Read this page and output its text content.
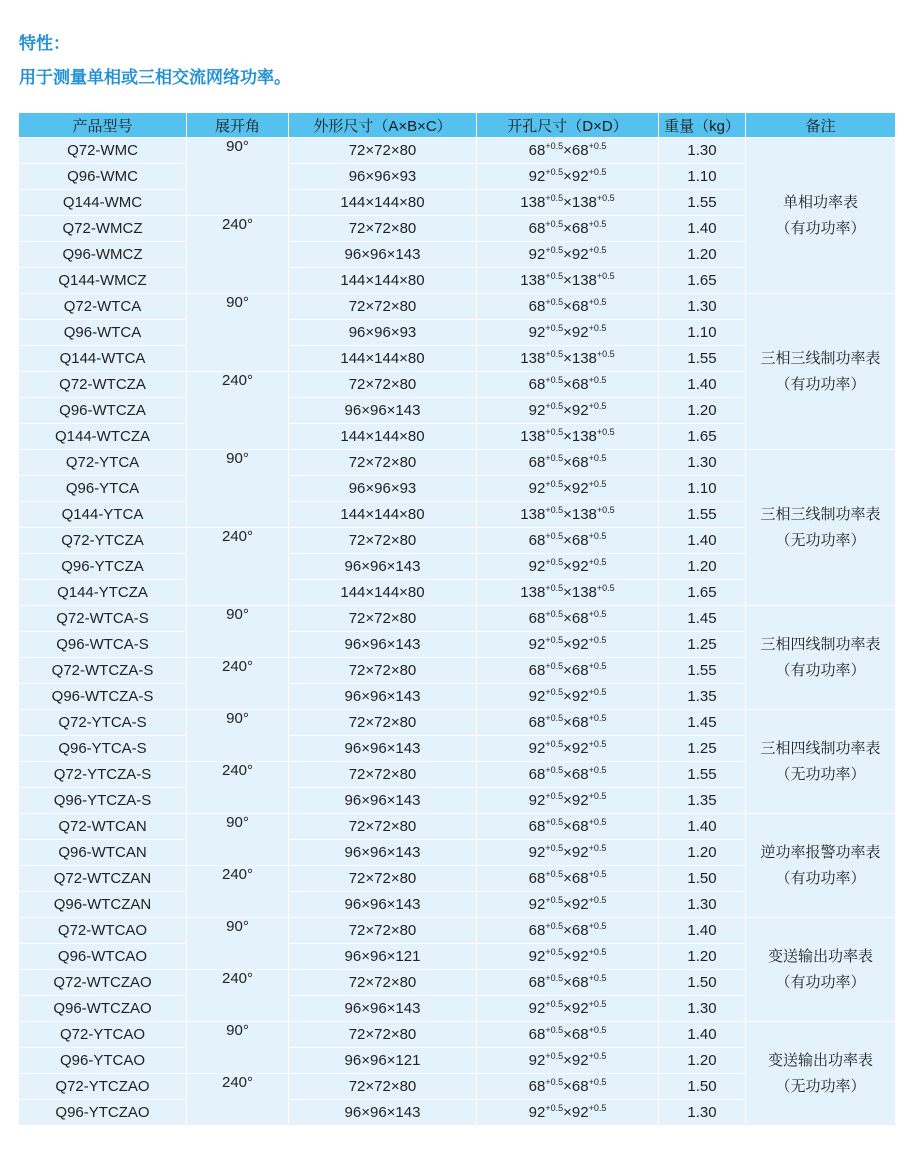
特性：
用于测量单相或三相交流网络功率。
产品型号	展开角	外形尺寸（A×B×C）	开孔尺寸（D×D）	重量（kg）	备注
Q72-WMC	90°	72×72×80	$68^{+0.5}\times 68^{+0.5}$	1.30	单相功率表
（有功功率）

Q96-WMC		96×96×93	$92^{+0.5}\times 92^{+0.5}$	1.10	
Q144-WMC		144×144×80	$138^{+0.5}\times 138^{+0.5}$	1.55	
Q72-WMCZ	240°	72×72×80	$68^{+0.5}\times 68^{+0.5}$	1.40	
Q96-WMCZ		96×96×143	$92^{+0.5}\times 92^{+0.5}$	1.20	
Q144-WMCZ		144×144×80	$138^{+0.5}\times 138^{+0.5}$	1.65	
Q72-WTCA	90°	72×72×80	$68^{+0.5}\times 68^{+0.5}$	1.30	三相三线制功率表
（有功功率）

Q96-WTCA		96×96×93	$92^{+0.5}\times 92^{+0.5}$	1.10	
Q144-WTCA		144×144×80	$138^{+0.5}\times 138^{+0.5}$	1.55	
Q72-WTCZA	240°	72×72×80	$68^{+0.5}\times 68^{+0.5}$	1.40	
Q96-WTCZA		96×96×143	$92^{+0.5}\times 92^{+0.5}$	1.20	
Q144-WTCZA		144×144×80	$138^{+0.5}\times 138^{+0.5}$	1.65	
Q72-YTCA	90°	72×72×80	$68^{+0.5}\times 68^{+0.5}$	1.30	三相三线制功率表
（无功功率）

Q96-YTCA		96×96×93	$92^{+0.5}\times 92^{+0.5}$	1.10	
Q144-YTCA		144×144×80	$138^{+0.5}\times 138^{+0.5}$	1.55	
Q72-YTCZA	240°	72×72×80	$68^{+0.5}\times 68^{+0.5}$	1.40	
Q96-YTCZA		96×96×143	$92^{+0.5}\times 92^{+0.5}$	1.20	
Q144-YTCZA		144×144×80	$138^{+0.5}\times 138^{+0.5}$	1.65	
Q72-WTCA-S	90°	72×72×80	$68^{+0.5}\times 68^{+0.5}$	1.45	三相四线制功率表
（有功功率）

Q96-WTCA-S		96×96×143	$92^{+0.5}\times 92^{+0.5}$	1.25	
Q72-WTCZA-S	240°	72×72×80	$68^{+0.5}\times 68^{+0.5}$	1.55	
Q96-WTCZA-S		96×96×143	$92^{+0.5}\times 92^{+0.5}$	1.35	
Q72-YTCA-S	90°	72×72×80	$68^{+0.5}\times 68^{+0.5}$	1.45	三相四线制功率表
（无功功率）

Q96-YTCA-S		96×96×143	$92^{+0.5}\times 92^{+0.5}$	1.25	
Q72-YTCZA-S	240°	72×72×80	$68^{+0.5}\times 68^{+0.5}$	1.55	
Q96-YTCZA-S		96×96×143	$92^{+0.5}\times 92^{+0.5}$	1.35	
Q72-WTCAN	90°	72×72×80	$68^{+0.5}\times 68^{+0.5}$	1.40	逆功率报警功率表
（有功功率）

Q96-WTCAN		96×96×143	$92^{+0.5}\times 92^{+0.5}$	1.20	
Q72-WTCZAN	240°	72×72×80	$68^{+0.5}\times 68^{+0.5}$	1.50	
Q96-WTCZAN		96×96×143	$92^{+0.5}\times 92^{+0.5}$	1.30	
Q72-WTCAO	90°	72×72×80	$68^{+0.5}\times 68^{+0.5}$	1.40	变送输出功率表
（有功功率）

Q96-WTCAO		96×96×121	$92^{+0.5}\times 92^{+0.5}$	1.20	
Q72-WTCZAO	240°	72×72×80	$68^{+0.5}\times 68^{+0.5}$	1.50	
Q96-WTCZAO		96×96×143	$92^{+0.5}\times 92^{+0.5}$	1.30	
Q72-YTCAO	90°	72×72×80	$68^{+0.5}\times 68^{+0.5}$	1.40	变送输出功率表
（无功功率）

Q96-YTCAO		96×96×121	$92^{+0.5}\times 92^{+0.5}$	1.20	
Q72-YTCZAO	240°	72×72×80	$68^{+0.5}\times 68^{+0.5}$	1.50	
Q96-YTCZAO		96×96×143	$92^{+0.5}\times 92^{+0.5}$	1.30	
